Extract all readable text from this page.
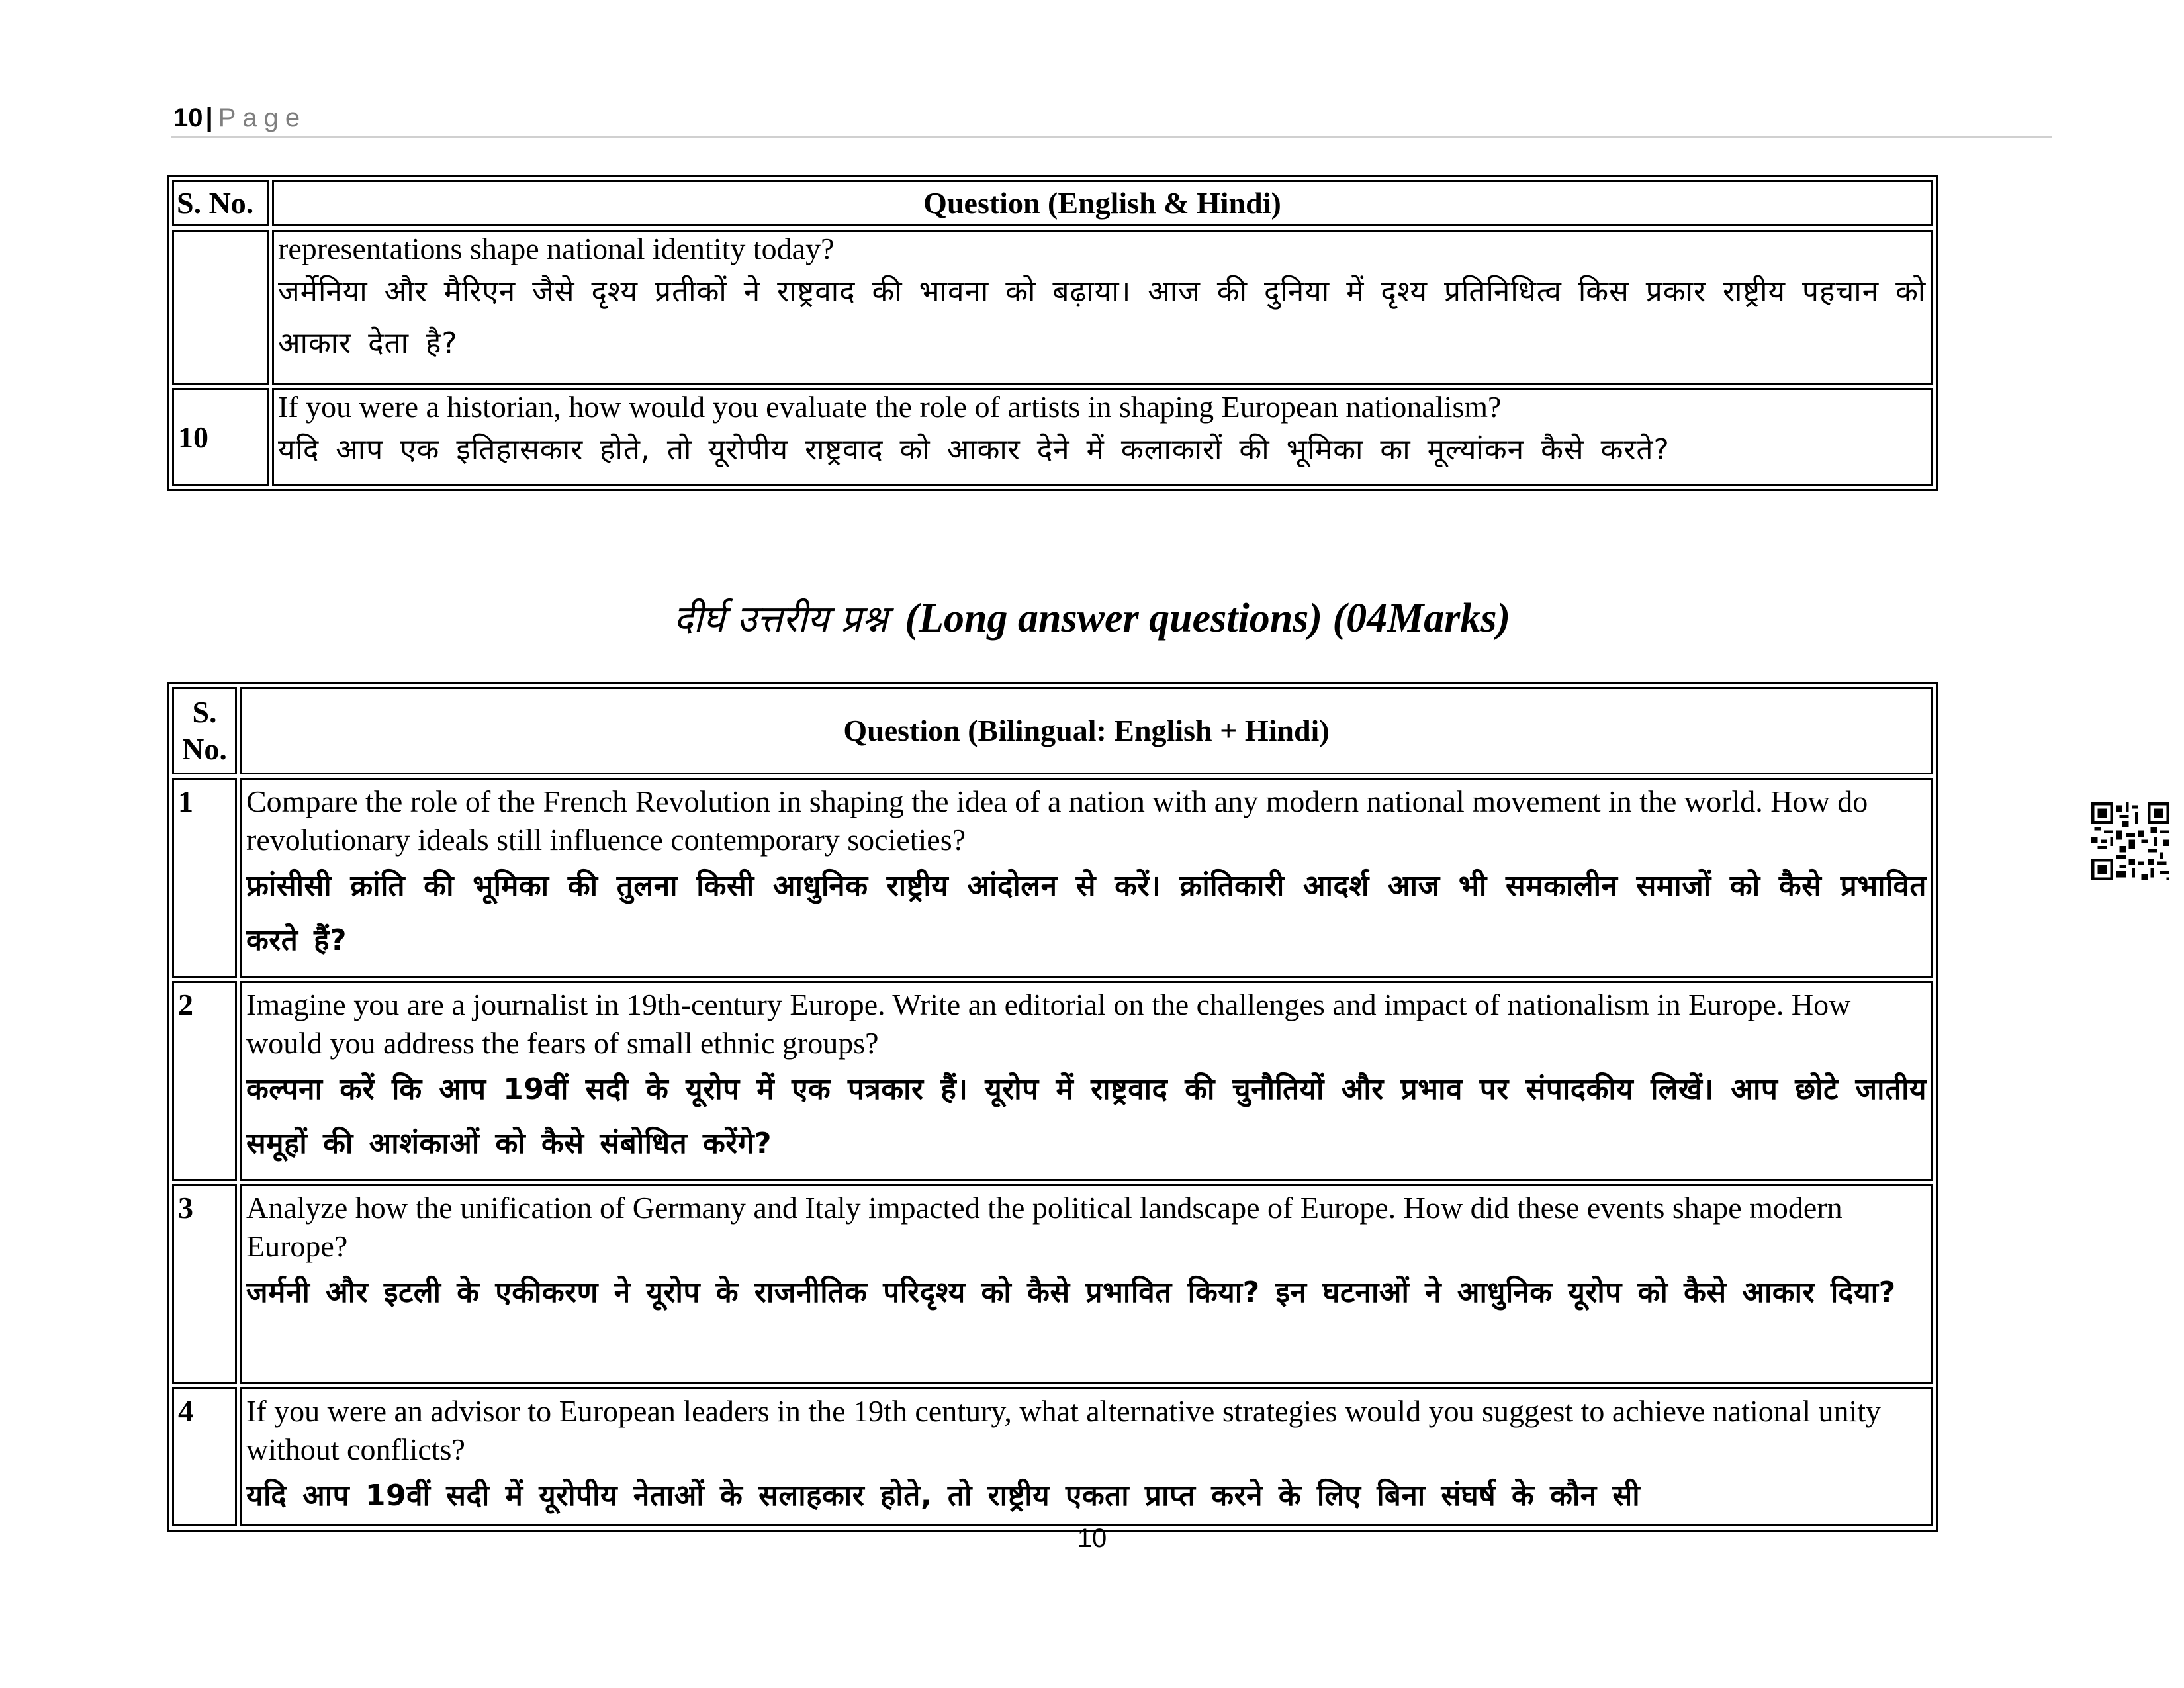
10 | Page
S. No.	Question (English & Hindi)

	representations shape national identity today?
जर्मेनिया और मैरिएन जैसे दृश्य प्रतीकों ने राष्ट्रवाद की भावना को बढ़ाया। आज की दुनिया में दृश्य प्रतिनिधित्व किस प्रकार राष्ट्रीय पहचान को आकार देता है?

10	If you were a historian, how would you evaluate the role of artists in shaping European nationalism?
यदि आप एक इतिहासकार होते, तो यूरोपीय राष्ट्रवाद को आकार देने में कलाकारों की भूमिका का मूल्यांकन कैसे करते?
दीर्घ उत्तरीय प्रश्न (Long answer questions) (04Marks)
S. No.	Question (Bilingual: English + Hindi)
1	Compare the role of the French Revolution in shaping the idea of a nation with any modern national movement in the world. How do revolutionary ideals still influence contemporary societies?
फ्रांसीसी क्रांति की भूमिका की तुलना किसी आधुनिक राष्ट्रीय आंदोलन से करें। क्रांतिकारी आदर्श आज भी समकालीन समाजों को कैसे प्रभावित करते हैं?

2	Imagine you are a journalist in 19th-century Europe. Write an editorial on the challenges and impact of nationalism in Europe. How would you address the fears of small ethnic groups?
कल्पना करें कि आप 19वीं सदी के यूरोप में एक पत्रकार हैं। यूरोप में राष्ट्रवाद की चुनौतियों और प्रभाव पर संपादकीय लिखें। आप छोटे जातीय समूहों की आशंकाओं को कैसे संबोधित करेंगे?

3	Analyze how the unification of Germany and Italy impacted the political landscape of Europe. How did these events shape modern Europe?
जर्मनी और इटली के एकीकरण ने यूरोप के राजनीतिक परिदृश्य को कैसे प्रभावित किया? इन घटनाओं ने आधुनिक यूरोप को कैसे आकार दिया?

4	If you were an advisor to European leaders in the 19th century, what alternative strategies would you suggest to achieve national unity without conflicts?
यदि आप 19वीं सदी में यूरोपीय नेताओं के सलाहकार होते, तो राष्ट्रीय एकता प्राप्त करने के लिए बिना संघर्ष के कौन सी
10
